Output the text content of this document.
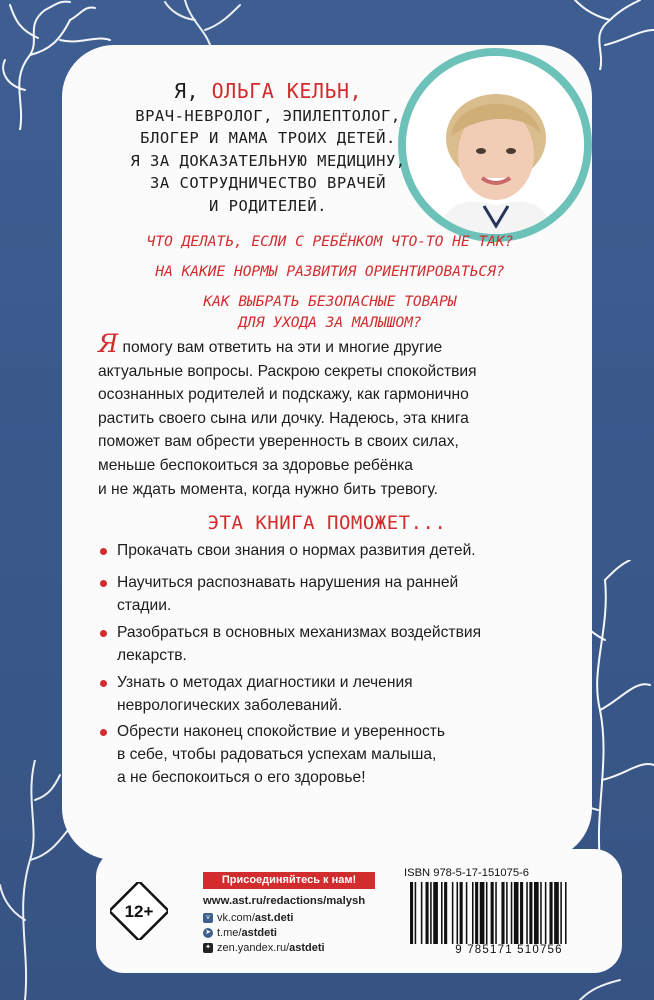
Я, ОЛЬГА КЕЛЬН,
ВРАЧ-НЕВРОЛОГ, ЭПИЛЕПТОЛОГ,
БЛОГЕР И МАМА ТРОИХ ДЕТЕЙ.
Я ЗА ДОКАЗАТЕЛЬНУЮ МЕДИЦИНУ,
ЗА СОТРУДНИЧЕСТВО ВРАЧЕЙ
И РОДИТЕЛЕЙ.
ЧТО ДЕЛАТЬ, ЕСЛИ С РЕБЁНКОМ ЧТО-ТО НЕ ТАК?
НА КАКИЕ НОРМЫ РАЗВИТИЯ ОРИЕНТИРОВАТЬСЯ?
КАК ВЫБРАТЬ БЕЗОПАСНЫЕ ТОВАРЫ
ДЛЯ УХОДА ЗА МАЛЫШОМ?
Я помогу вам ответить на эти и многие другие
актуальные вопросы. Раскрою секреты спокойствия
осознанных родителей и подскажу, как гармонично
растить своего сына или дочку. Надеюсь, эта книга
поможет вам обрести уверенность в своих силах,
меньше беспокоиться за здоровье ребёнка
и не ждать момента, когда нужно бить тревогу.
ЭТА КНИГА ПОМОЖЕТ...
Прокачать свои знания о нормах развития детей.
Научиться распознавать нарушения на ранней
стадии.
Разобраться в основных механизмах воздействия
лекарств.
Узнать о методах диагностики и лечения
неврологических заболеваний.
Обрести наконец спокойствие и уверенность
в себе, чтобы радоваться успехам малыша,
а не беспокоиться о его здоровье!
12+
Присоединяйтесь к нам!
www.ast.ru/redactions/malysh
v vk.com/ast.deti
➤ t.me/astdeti
✦ zen.yandex.ru/astdeti
ISBN 978-5-17-151075-6
9 785171 510756
